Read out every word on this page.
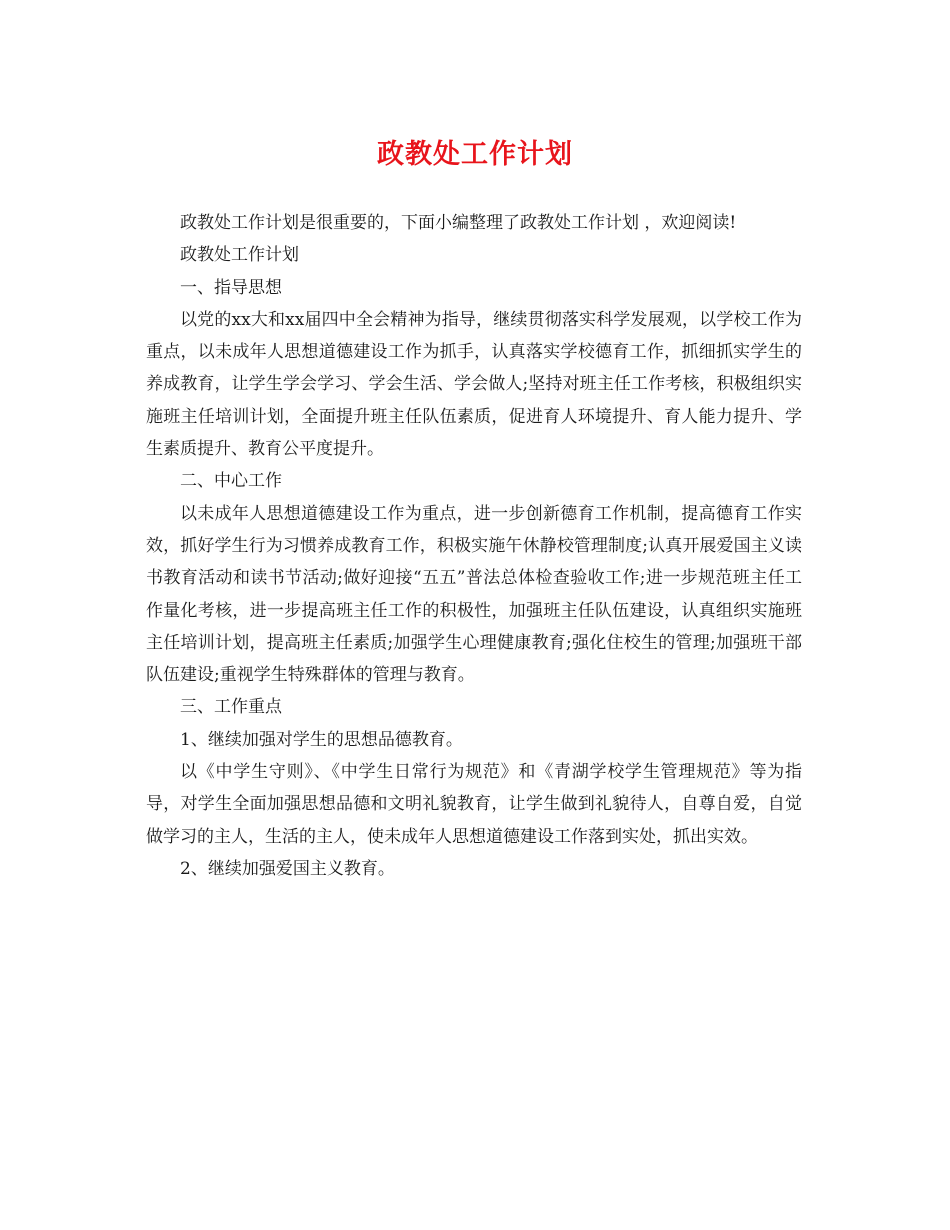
政教处工作计划

政教处工作计划是很重要的，下面小编整理了政教处工作计划 ，欢迎阅读!

政教处工作计划

一、指导思想

以党的xx大和xx届四中全会精神为指导，继续贯彻落实科学发展观，以学校工作为重点，以未成年人思想道德建设工作为抓手，认真落实学校德育工作，抓细抓实学生的养成教育，让学生学会学习、学会生活、学会做人;坚持对班主任工作考核，积极组织实施班主任培训计划，全面提升班主任队伍素质，促进育人环境提升、育人能力提升、学生素质提升、教育公平度提升。

二、中心工作

以未成年人思想道德建设工作为重点，进一步创新德育工作机制，提高德育工作实效，抓好学生行为习惯养成教育工作，积极实施午休静校管理制度;认真开展爱国主义读书教育活动和读书节活动;做好迎接“五五”普法总体检查验收工作;进一步规范班主任工作量化考核，进一步提高班主任工作的积极性，加强班主任队伍建设，认真组织实施班主任培训计划，提高班主任素质;加强学生心理健康教育;强化住校生的管理;加强班干部队伍建设;重视学生特殊群体的管理与教育。

三、工作重点

1、继续加强对学生的思想品德教育。

以《中学生守则》、《中学生日常行为规范》和《青湖学校学生管理规范》等为指导，对学生全面加强思想品德和文明礼貌教育，让学生做到礼貌待人，自尊自爱，自觉做学习的主人，生活的主人，使未成年人思想道德建设工作落到实处，抓出实效。

2、继续加强爱国主义教育。
